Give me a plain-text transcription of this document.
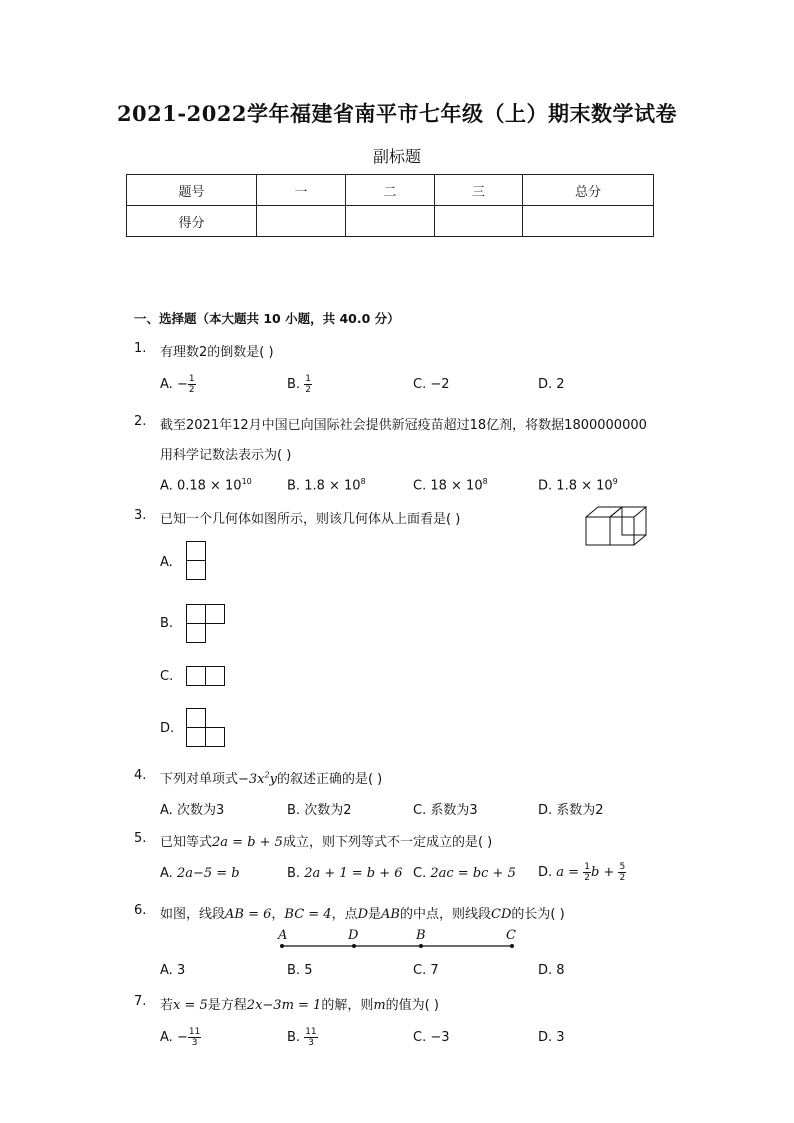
2021-2022学年福建省南平市七年级（上）期末数学试卷
副标题
题号	一	二	三	总分
得分				
一、选择题（本大题共 10 小题，共 40.0 分）
1. 有理数2的倒数是( )
A. − $\frac{1}{2}$	B. $\frac{1}{2}$	C. −2	D. 2
2. 截至2021年12月中国已向国际社会提供新冠疫苗超过18亿剂，将数据1800000000
用科学记数法表示为( )
A. $0.18 \times 10^{10}$	B. $1.8 \times 10^8$	C. $18 \times 10^8$	D. $1.8 \times 10^9$
3. 已知一个几何体如图所示，则该几何体从上面看是( )
A.
B.
C.
D.
4. 下列对单项式$-3x^2y$的叙述正确的是( )
A. 次数为3	B. 次数为2	C. 系数为3	D. 系数为2
5. 已知等式2a = b + 5成立，则下列等式不一定成立的是( )
A. 2a−5 = b	B. 2a + 1 = b + 6 C. 2ac = bc + 5 D. $a = \frac{1}{2}$ $b + \frac{5}{2}$
6. 如图，线段AB = 6，BC = 4，点D是AB的中点，则线段CD的长为( )
A	D	B	C
A. 3	B. 5	C. 7	D. 8
7. 若x = 5是方程2x−3m = 1的解，则m的值为( )
A. − $\frac{11}{3}$	B. $\frac{11}{3}$	C. −3	D. 3
